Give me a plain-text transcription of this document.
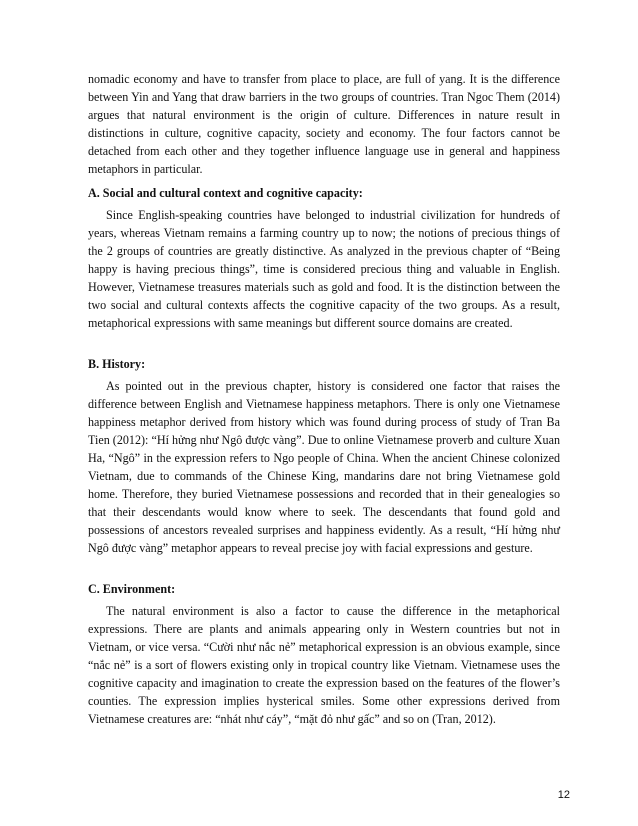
nomadic economy and have to transfer from place to place, are full of yang. It is the difference between Yin and Yang that draw barriers in the two groups of countries. Tran Ngoc Them (2014) argues that natural environment is the origin of culture. Differences in nature result in distinctions in culture, cognitive capacity, society and economy. The four factors cannot be detached from each other and they together influence language use in general and happiness metaphors in particular.

A. Social and cultural context and cognitive capacity:

Since English-speaking countries have belonged to industrial civilization for hundreds of years, whereas Vietnam remains a farming country up to now; the notions of precious things of the 2 groups of countries are greatly distinctive. As analyzed in the previous chapter of “Being happy is having precious things”, time is considered precious thing and valuable in English. However, Vietnamese treasures materials such as gold and food. It is the distinction between the two social and cultural contexts affects the cognitive capacity of the two groups. As a result, metaphorical expressions with same meanings but different source domains are created.

B. History:

As pointed out in the previous chapter, history is considered one factor that raises the difference between English and Vietnamese happiness metaphors. There is only one Vietnamese happiness metaphor derived from history which was found during process of study of Tran Ba Tien (2012): “Hí hửng như Ngô được vàng”. Due to online Vietnamese proverb and culture Xuan Ha, “Ngô” in the expression refers to Ngo people of China. When the ancient Chinese colonized Vietnam, due to commands of the Chinese King, mandarins dare not bring Vietnamese gold home. Therefore, they buried Vietnamese possessions and recorded that in their genealogies so that their descendants would know where to seek. The descendants that found gold and possessions of ancestors revealed surprises and happiness evidently. As a result, “Hí hửng như Ngô được vàng” metaphor appears to reveal precise joy with facial expressions and gesture.

C. Environment:

The natural environment is also a factor to cause the difference in the metaphorical expressions. There are plants and animals appearing only in Western countries but not in Vietnam, or vice versa. “Cười như nắc nẻ” metaphorical expression is an obvious example, since “nắc nẻ” is a sort of flowers existing only in tropical country like Vietnam. Vietnamese uses the cognitive capacity and imagination to create the expression based on the features of the flower’s counties. The expression implies hysterical smiles. Some other expressions derived from Vietnamese creatures are: “nhát như cáy”, “mặt đỏ như gấc” and so on (Tran, 2012).

12
